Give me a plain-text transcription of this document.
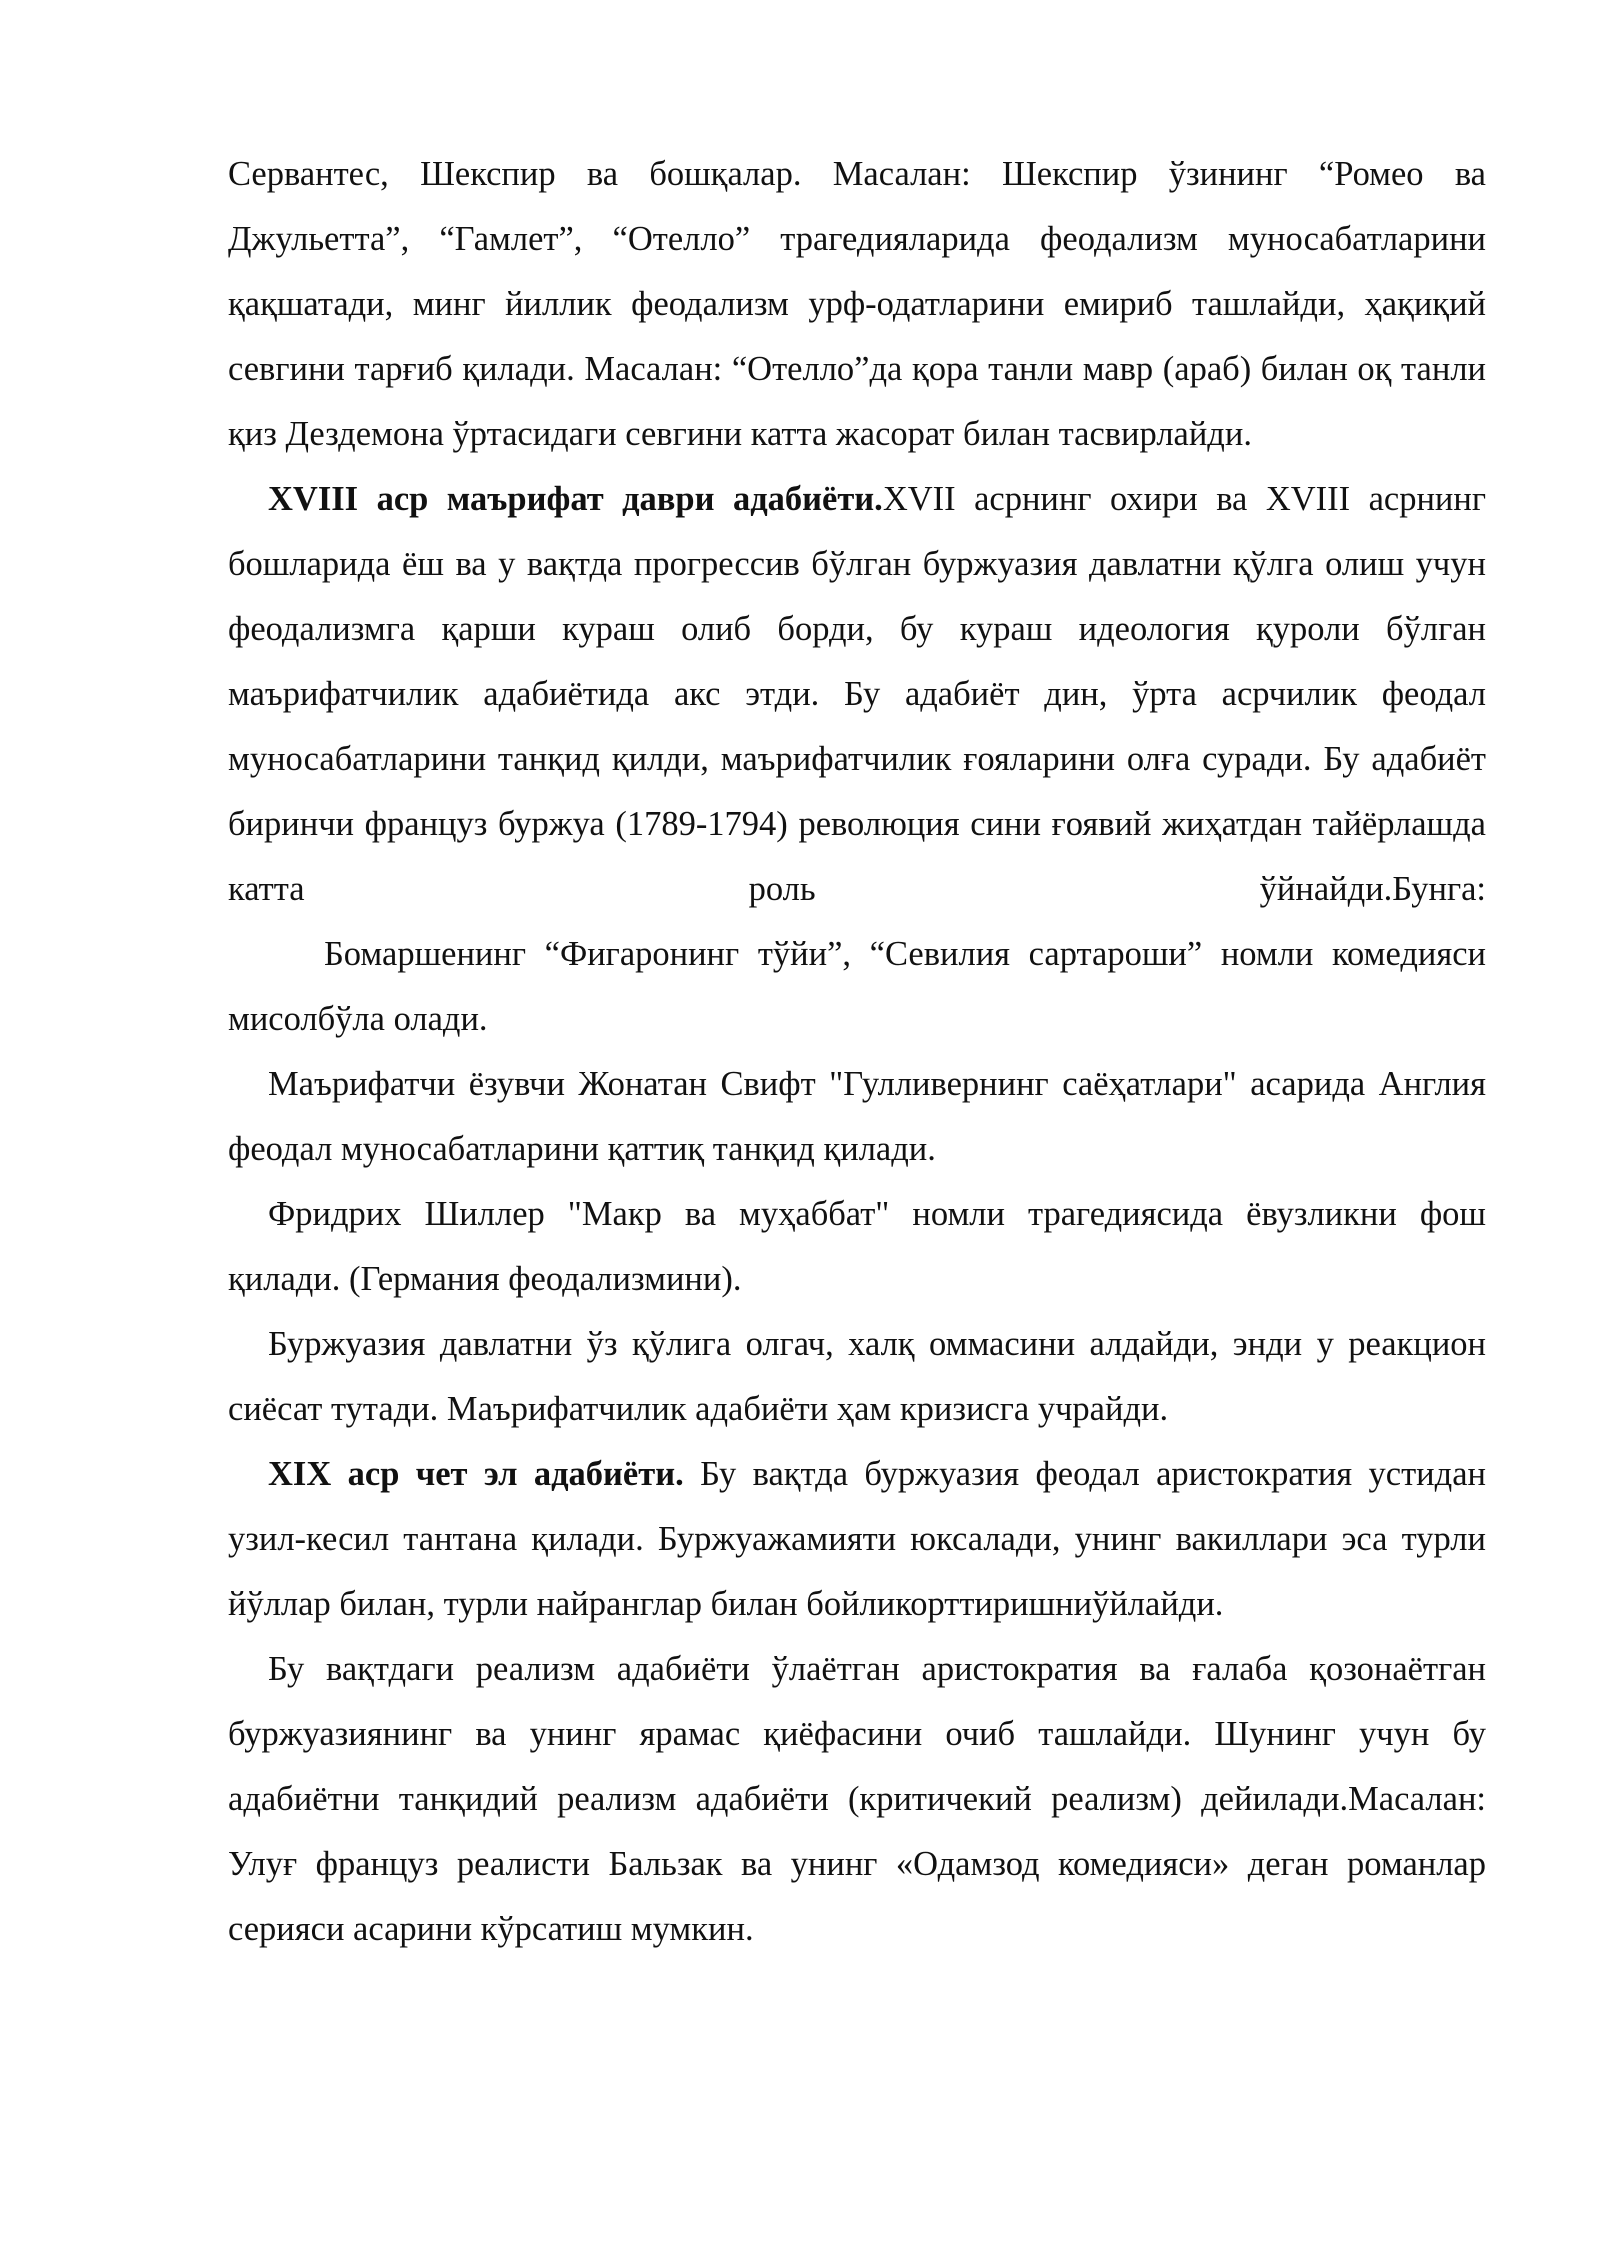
Сервантес, Шекспир ва бошқалар. Масалан: Шекспир ўзининг “Ромео ва Джульетта”, “Гамлет”, “Отелло” трагедияларида феодализм муносабатларини қақшатади, минг йиллик феодализм урф-одатларини емириб ташлайди, ҳақиқий севгини тарғиб қилади. Масалан: “Отелло”да қора танли мавр (араб) билан оқ танли қиз Дездемона ўртасидаги севгини катта жасорат билан тасвирлайди.

XVIII аср маърифат даври адабиёти.XVII асрнинг охири ва XVIII асрнинг бошларида ёш ва у вақтда прогрессив бўлган буржуазия давлатни қўлга олиш учун феодализмга қарши кураш олиб борди, бу кураш идеология қуроли бўлган маърифатчилик адабиётида акс этди. Бу адабиёт дин, ўрта асрчилик феодал муносабатларини танқид қилди, маърифатчилик ғояларини олға суради. Бу адабиёт биринчи француз буржуа (1789-1794) революция сини ғоявий жиҳатдан тайёрлашда катта роль ўйнайди.Бунга:

Бомаршенинг “Фигаронинг тўйи”, “Севилия сартароши” номли комедияси мисолбўла олади.

Маърифатчи ёзувчи Жонатан Свифт "Гулливернинг саёҳатлари" асарида Англия феодал муносабатларини қаттиқ танқид қилади.

Фридрих Шиллер "Макр ва муҳаббат" номли трагедиясида ёвузликни фош қилади. (Германия феодализмини).

Буржуазия давлатни ўз қўлига олгач, халқ оммасини алдайди, энди у реакцион сиёсат тутади. Маърифатчилик адабиёти ҳам кризисга учрайди.

XIX аср чет эл адабиёти. Бу вақтда буржуазия феодал аристократия устидан узил-кесил тантана қилади. Буржуажамияти юксалади, унинг вакиллари эса турли йўллар билан, турли найранглар билан бойликорттиришниўйлайди.

Бу вақтдаги реализм адабиёти ўлаётган аристократия ва ғалаба қозонаётган буржуазиянинг ва унинг ярамас қиёфасини очиб ташлайди. Шунинг учун бу адабиётни танқидий реализм адабиёти (критичекий реализм) дейилади.Масалан: Улуғ француз реалисти Бальзак ва унинг «Одамзод комедияси» деган романлар серияси асарини кўрсатиш мумкин.
